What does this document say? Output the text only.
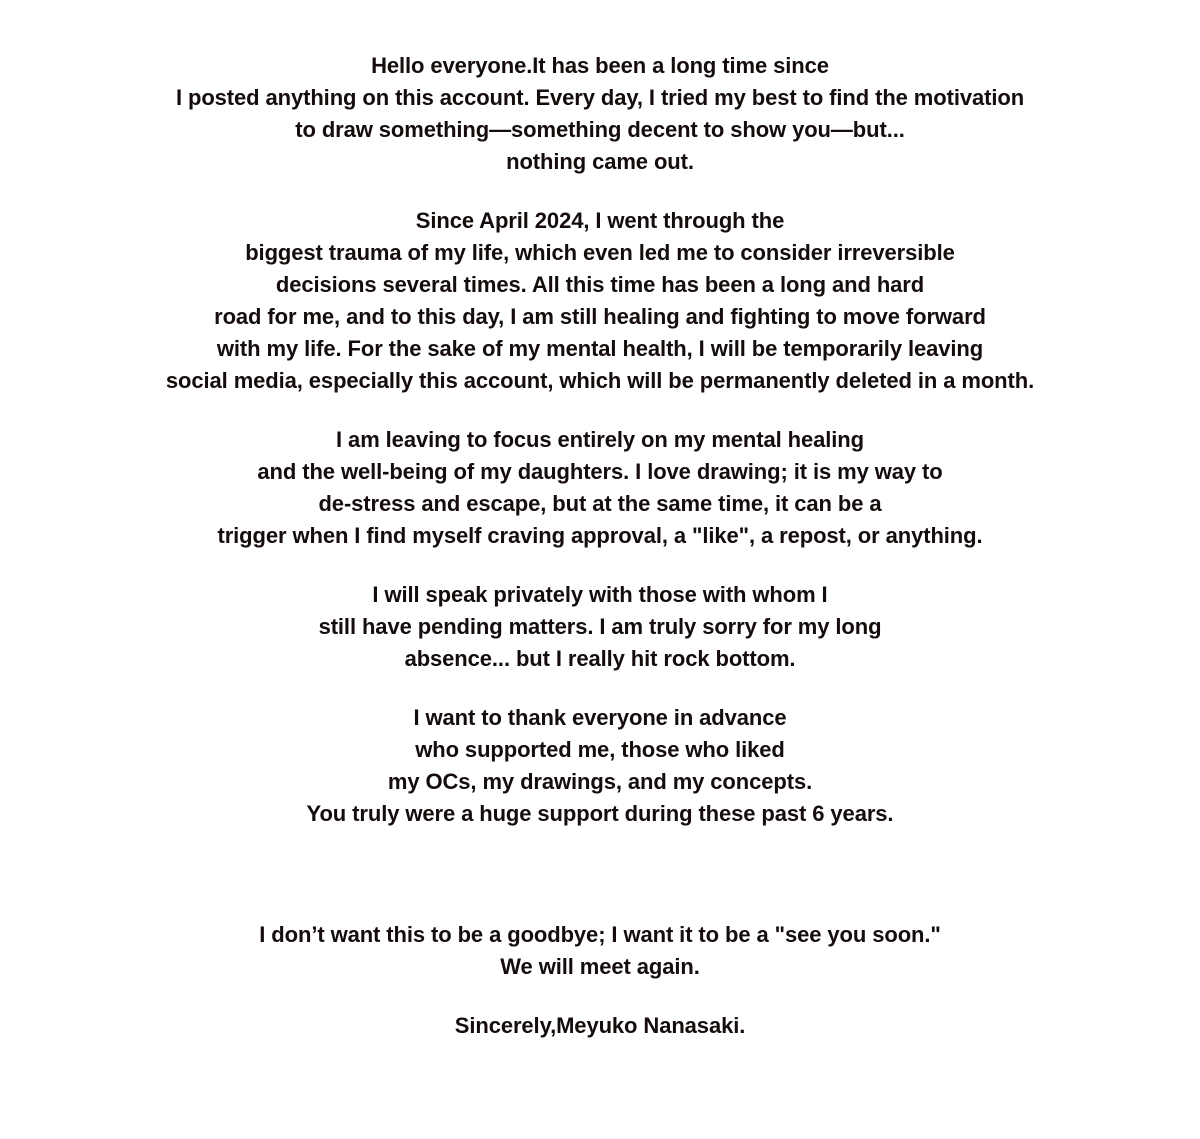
Hello everyone.It has been a long time since
I posted anything on this account. Every day, I tried my best to find the motivation
to draw something—something decent to show you—but...
nothing came out.
Since April 2024, I went through the
biggest trauma of my life, which even led me to consider irreversible
decisions several times. All this time has been a long and hard
road for me, and to this day, I am still healing and fighting to move forward
with my life. For the sake of my mental health, I will be temporarily leaving
social media, especially this account, which will be permanently deleted in a month.
I am leaving to focus entirely on my mental healing
and the well-being of my daughters. I love drawing; it is my way to
de-stress and escape, but at the same time, it can be a
trigger when I find myself craving approval, a "like", a repost, or anything.
I will speak privately with those with whom I
still have pending matters. I am truly sorry for my long
absence... but I really hit rock bottom.
I want to thank everyone in advance
who supported me, those who liked
my OCs, my drawings, and my concepts.
You truly were a huge support during these past 6 years.
I don’t want this to be a goodbye; I want it to be a "see you soon."
We will meet again.
Sincerely,Meyuko Nanasaki.
